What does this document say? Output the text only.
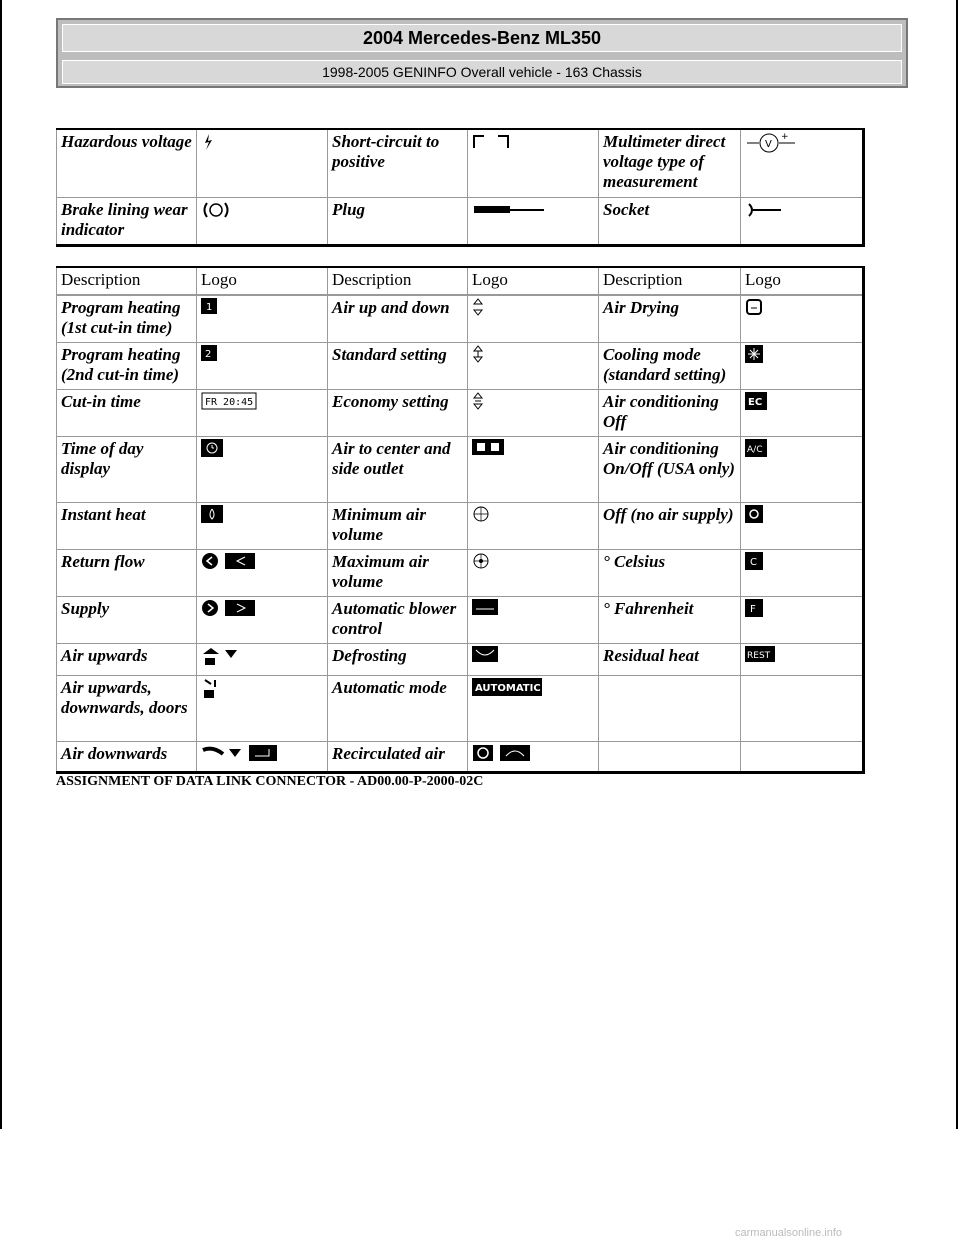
2004 Mercedes-Benz ML350
1998-2005 GENINFO Overall vehicle - 163 Chassis
Hazardous voltage		Short-circuit to positive		Multimeter direct voltage type of measurement	V
+

Brake lining wear indicator		Plug		Socket	
Description	Logo	Description	Logo	Description	Logo
Program heating (1st cut-in time)	1	Air up and down		Air Drying	
Program heating (2nd cut-in time)	2	Standard setting		Cooling mode (standard setting)	
Cut-in time	FR 20:45	Economy setting		Air conditioning Off	EC

Time of day display		Air to center and side outlet		Air conditioning On/Off (USA only)	A/C

Instant heat		Minimum air volume		Off (no air supply)	
Return flow		Maximum air volume		° Celsius	C

Supply		Automatic blower control		° Fahrenheit	F

Air upwards		Defrosting		Residual heat	REST

Air upwards, downwards, doors		Automatic mode	AUTOMATIC		

Air downwards		Recirculated air			
ASSIGNMENT OF DATA LINK CONNECTOR - AD00.00-P-2000-02C
carmanualsonline.info
